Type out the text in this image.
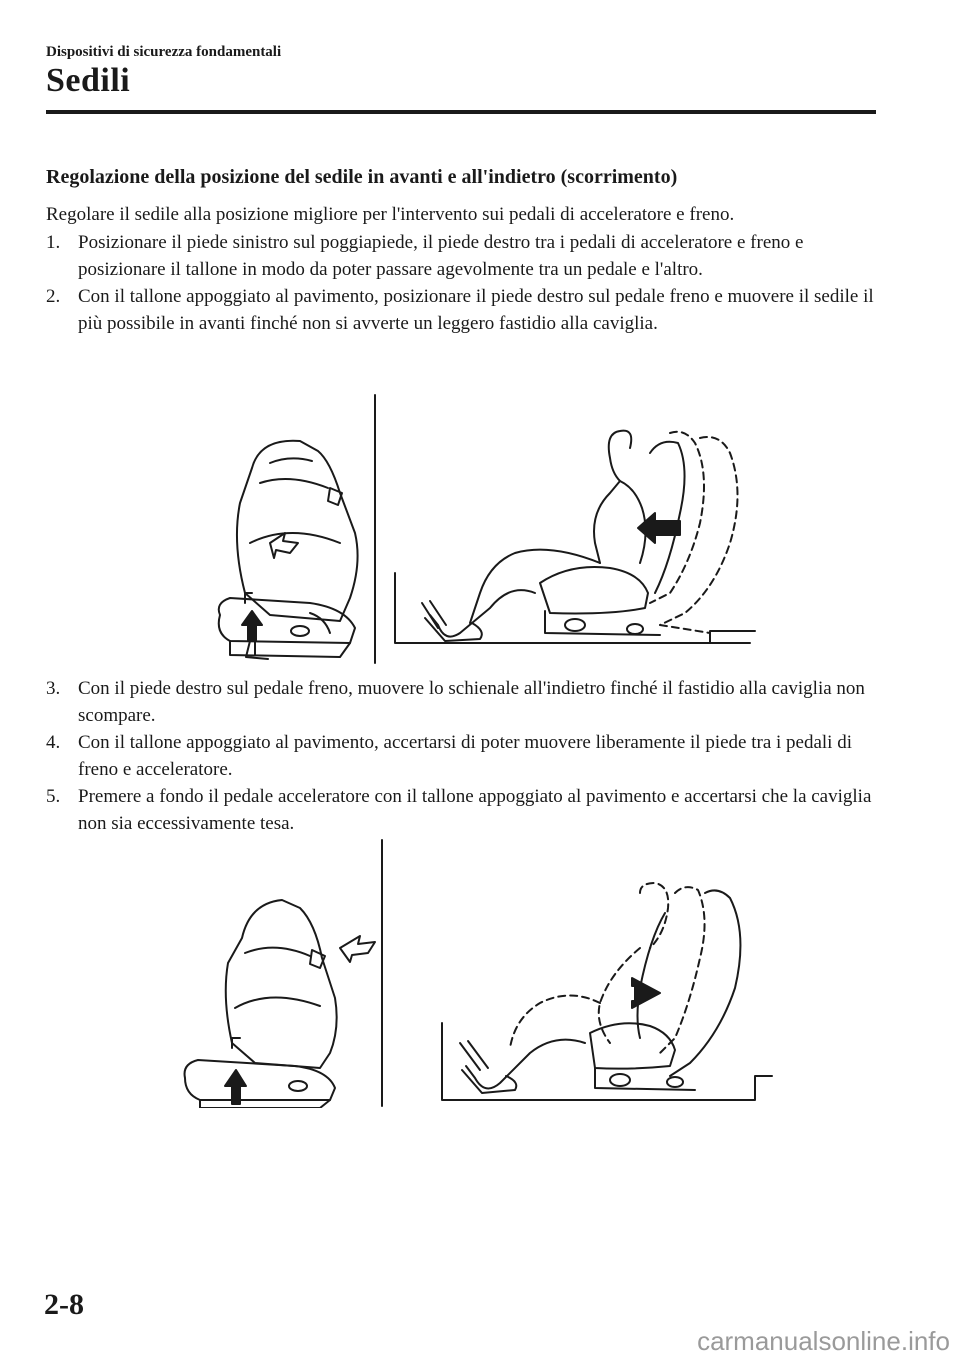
Dispositivi di sicurezza fondamentali
Sedili
Regolazione della posizione del sedile in avanti e all'indietro (scorrimento)
Regolare il sedile alla posizione migliore per l'intervento sui pedali di acceleratore e freno.
1. Posizionare il piede sinistro sul poggiapiede, il piede destro tra i pedali di acceleratore e freno e posizionare il tallone in modo da poter passare agevolmente tra un pedale e l'altro.
2. Con il tallone appoggiato al pavimento, posizionare il piede destro sul pedale freno e muovere il sedile il più possibile in avanti finché non si avverte un leggero fastidio alla caviglia.
3. Con il piede destro sul pedale freno, muovere lo schienale all'indietro finché il fastidio alla caviglia non scompare.
4. Con il tallone appoggiato al pavimento, accertarsi di poter muovere liberamente il piede tra i pedali di freno e acceleratore.
5. Premere a fondo il pedale acceleratore con il tallone appoggiato al pavimento e accertarsi che la caviglia non sia eccessivamente tesa.
2-8
carmanualsonline.info
